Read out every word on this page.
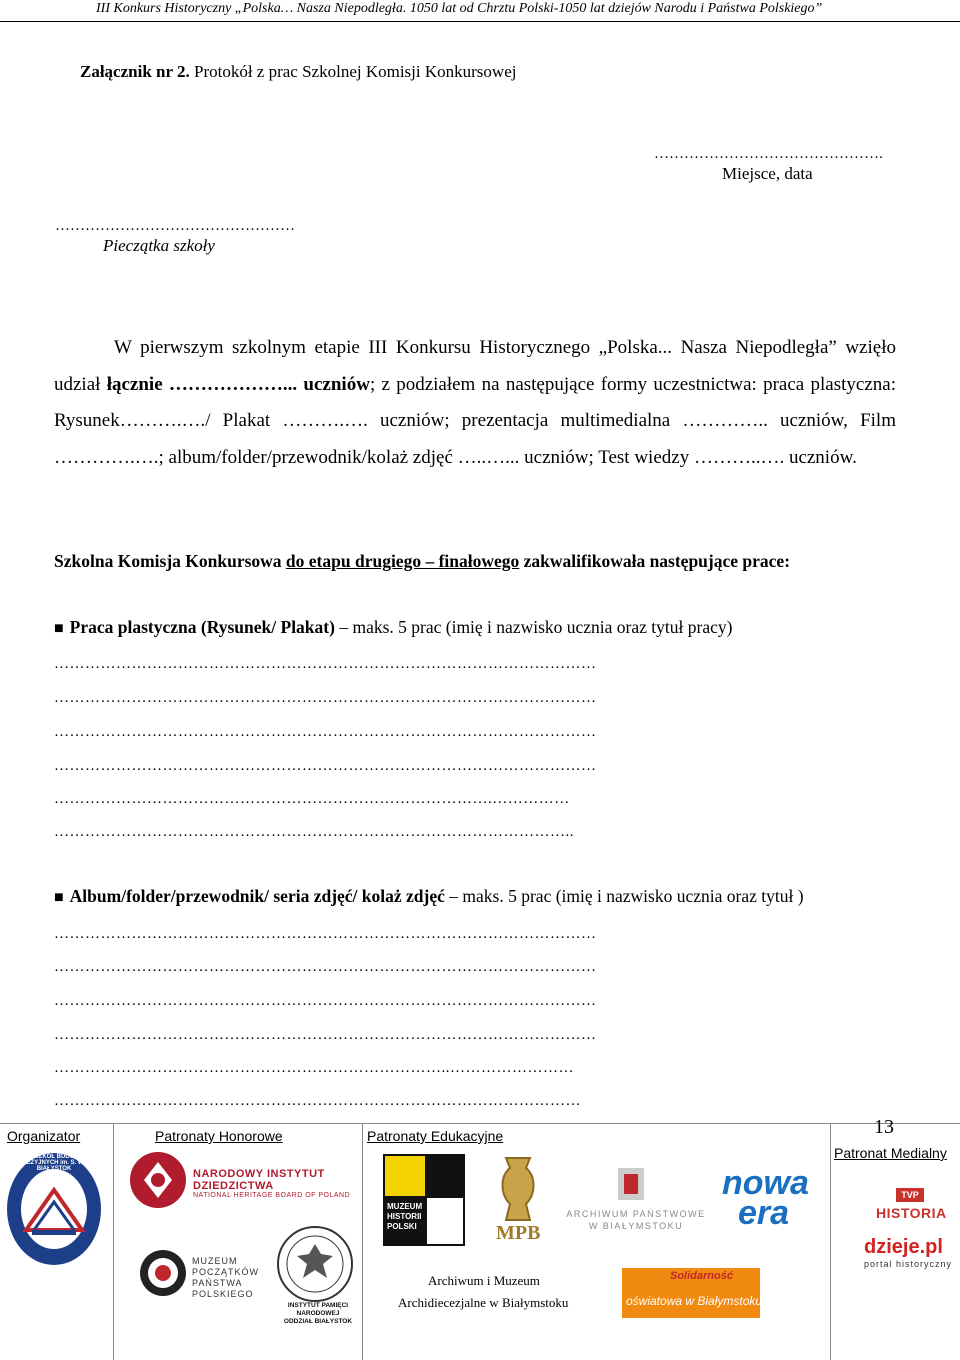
III Konkurs Historyczny „Polska… Nasza Niepodległa. 1050 lat od Chrztu Polski-1050 lat dziejów Narodu i Państwa Polskiego”
Załącznik nr 2. Protokół z prac Szkolnej Komisji Konkursowej
……………………………………….
Miejsce, data
…………………………………………
Pieczątka szkoły
W pierwszym szkolnym etapie III Konkursu Historycznego „Polska... Nasza Niepodległa” wzięło udział łącznie ………………... uczniów; z podziałem na następujące formy uczestnictwa: praca plastyczna: Rysunek……….…./ Plakat ……….…. uczniów; prezentacja multimedialna ………….. uczniów, Film ………….….; album/folder/przewodnik/kolaż zdjęć …..…... uczniów; Test wiedzy ………..…. uczniów.
Szkolna Komisja Konkursowa do etapu drugiego – finałowego zakwalifikowała następujące prace:
■ Praca plastyczna (Rysunek/ Plakat) – maks. 5 prac (imię i nazwisko ucznia oraz tytuł pracy)
……………………………………………………………………………………………
……………………………………………………………………………………………
……………………………………………………………………………………………
……………………………………………………………………………………………
………………………………………………………………………….……………
………………………………………………………………………………………..
■ Album/folder/przewodnik/ seria zdjęć/ kolaż zdjęć – maks. 5 prac (imię i nazwisko ucznia oraz tytuł )
……………………………………………………………………………………………
……………………………………………………………………………………………
……………………………………………………………………………………………
……………………………………………………………………………………………
…………………………………………………………………..……………………
…………………………………………………………………………………………
Organizator	Patronaty Honorowe	Patronaty Edukacyjne	13
Patronat Medialny
ZESPÓŁ SZKÓŁ BUDOWLANO-GEODEZYJNYCH im. S. W. Ryły BIAŁYSTOK	NARODOWY INSTYTUT
DZIEDZICTWA
NATIONAL HERITAGE BOARD OF POLAND
MUZEUM
POCZĄTKÓW
PAŃSTWA
POLSKIEGO
INSTYTUT PAMIĘCI
NARODOWEJ
ODDZIAŁ BIAŁYSTOK
MUZEUM
HISTORII
POLSKI	MPB
ARCHIWUM PAŃSTWOWE
W BIAŁYMSTOKU
nowa
era
Archiwum i Muzeum
Archidiecezjalne w Białymstoku
Solidarność
oświatowa w Białymstoku
TVP
HISTORIA
dzieje.pl
portal historyczny
